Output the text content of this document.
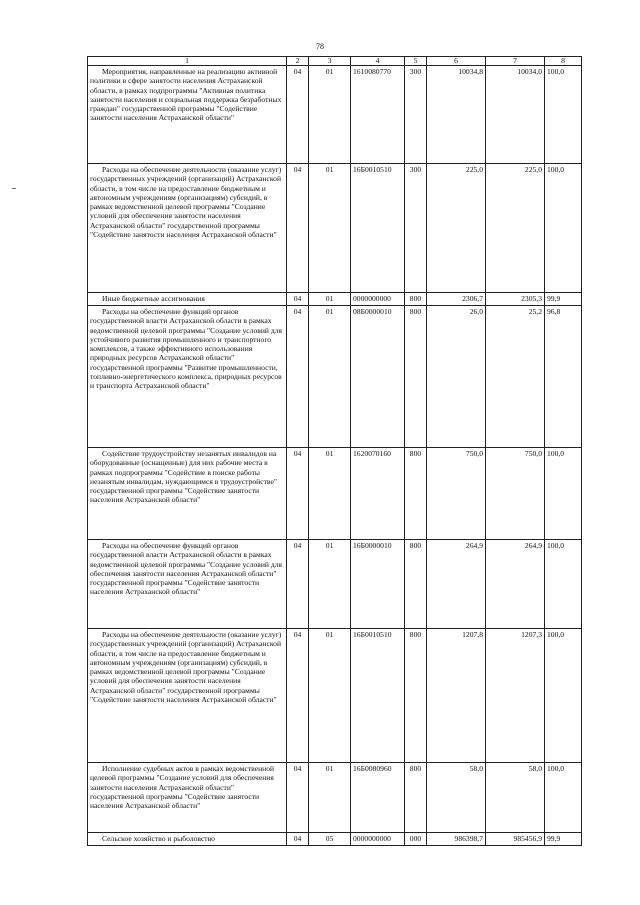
78
1	2	3	4	5	6	7	8
Мероприятия, направленные на реализацию активной политики в сфере занятости населения Астраханской области, в рамках подпрограммы "Активная политика занятости населения и социальная поддержка безработных граждан" государственной программы "Содействие занятости населения Астраханской области"	04	01	1610080770	300	10034,8	10034,0	100,0
Расходы на обеспечение деятельности (оказание услуг) государственных учреждений (организаций) Астраханской области, в том числе на предоставление бюджетным и автономным учреждениям (организациям) субсидий, в рамках ведомственной целевой программы "Создание условий для обеспечения занятости населения Астраханской области" государственной программы "Содействие занятости населения Астраханской области"	04	01	16Б0010510	300	225,0	225,0	100,0
Иные бюджетные ассигнования	04	01	0000000000	800	2306,7	2305,3	99,9
Расходы на обеспечение функций органов государственной власти Астраханской области в рамках ведомственной целевой программы "Создание условий для устойчивого развития промышленного и транспортного комплексов, а также эффективного использования природных ресурсов Астраханской области" государственной программы "Развитие промышленности, топливно-энергетического комплекса, природных ресурсов и транспорта Астраханской области"	04	01	08Б0000010	800	26,0	25,2	96,8
Содействие трудоустройству незанятых инвалидов на оборудованные (оснащенные) для них рабочие места в рамках подпрограммы "Содействие в поиске работы незанятым инвалидам, нуждающимся в трудоустройстве" государственной программы "Содействие занятости населения Астраханской области"	04	01	1620070160	800	750,0	750,0	100,0
Расходы на обеспечение функций органов государственной власти Астраханской области в рамках ведомственной целевой программы "Создание условий для обеспечения занятости населения Астраханской области" государственной программы "Содействие занятости населения Астраханской области"	04	01	16Б0000010	800	264,9	264,9	100,0
Расходы на обеспечение деятельности (оказание услуг) государственных учреждений (организаций) Астраханской области, в том числе на предоставление бюджетным и автономным учреждениям (организациям) субсидий, в рамках ведомственной целевой программы "Создание условий для обеспечения занятости населения Астраханской области" государственной программы "Содействие занятости населения Астраханской области"	04	01	16Б0010510	800	1207,8	1207,3	100,0
Исполнение судебных актов в рамках ведомственной целевой программы "Создание условий для обеспечения занятости населения Астраханской области" государственной программы "Содействие занятости населения Астраханской области"	04	01	16Б0080960	800	58,0	58,0	100,0
Сельское хозяйство и рыболовство	04	05	0000000000	000	986398,7	985456,9	99,9
